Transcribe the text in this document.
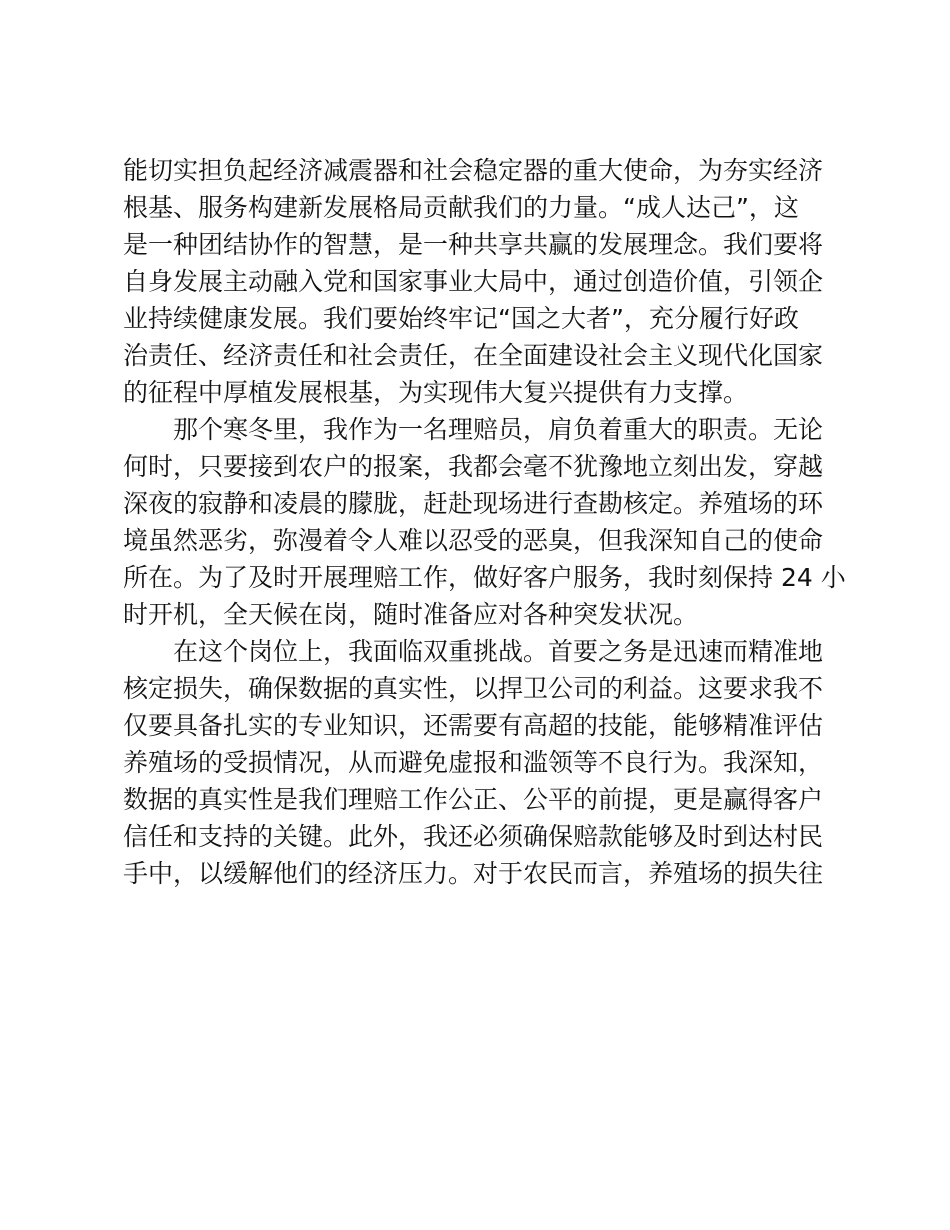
能切实担负起经济减震器和社会稳定器的重大使命，为夯实经济

根基、服务构建新发展格局贡献我们的力量。“成人达己”，这

是一种团结协作的智慧，是一种共享共赢的发展理念。我们要将

自身发展主动融入党和国家事业大局中，通过创造价值，引领企

业持续健康发展。我们要始终牢记“国之大者”，充分履行好政

治责任、经济责任和社会责任，在全面建设社会主义现代化国家

的征程中厚植发展根基，为实现伟大复兴提供有力支撑。

那个寒冬里，我作为一名理赔员，肩负着重大的职责。无论

何时，只要接到农户的报案，我都会毫不犹豫地立刻出发，穿越

深夜的寂静和凌晨的朦胧，赶赴现场进行查勘核定。养殖场的环

境虽然恶劣，弥漫着令人难以忍受的恶臭，但我深知自己的使命

所在。为了及时开展理赔工作，做好客户服务，我时刻保持 24 小

时开机，全天候在岗，随时准备应对各种突发状况。

在这个岗位上，我面临双重挑战。首要之务是迅速而精准地

核定损失，确保数据的真实性，以捍卫公司的利益。这要求我不

仅要具备扎实的专业知识，还需要有高超的技能，能够精准评估

养殖场的受损情况，从而避免虚报和滥领等不良行为。我深知，

数据的真实性是我们理赔工作公正、公平的前提，更是赢得客户

信任和支持的关键。此外，我还必须确保赔款能够及时到达村民

手中，以缓解他们的经济压力。对于农民而言，养殖场的损失往
